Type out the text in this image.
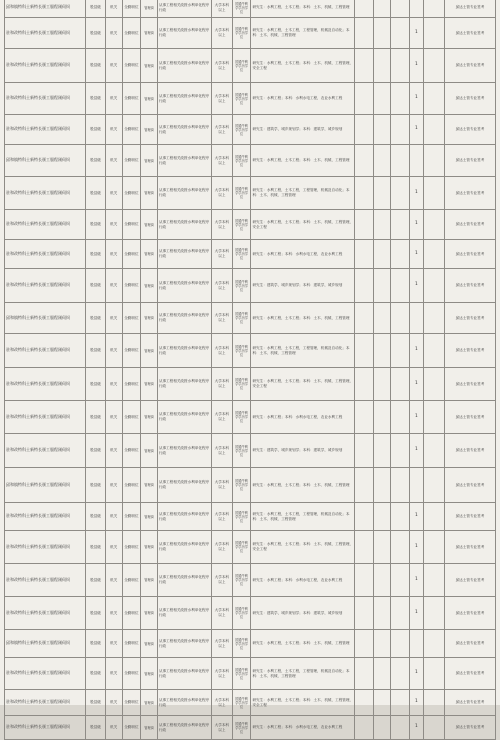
邱和镇特科土新特长颁工服程刚伺饲	股县级	机关	全勤职位	管理岗	从事工程相关改拨水利单化程序行政	大学本科以上	国通牛利学学历学位	研究生：水利工程，土木工程；本科：土木、机械、工程管理						邱达土管专业签考
驻和改特科土新特长颁工服程刚伺饲	股县级	机关	全勤职位	管理岗	从事工程相关改拨水利单化程序行政	大学本科以上	国通牛利学学历学位	研究生：水利工程，土木工程，工程管理，机械及自动化；本科：土木、机械、工程管理				1		邱达土管专业签考
驻和改特科土新特长颁工服程刚伺饲	股县级	机关	全勤职位	管理岗	从事工程相关改拨水利单化程序行政	大学本科以上	国通牛利学学历学位	研究生：水利工程，土木工程；本科：土木、机械、工程管理，安全工程				1		邱达土管专业签考
驻和改特科土新特长颁工服程刚伺饲	股县级	机关	全勤职位	管理岗	从事工程相关改拨水利单化程序行政	大学本科以上	国通牛利学学历学位	研究生：水利工程；本科：水利水电工程，农业水利工程				1		邱达土管专业签考
驻和改特科土新特长颁工服程刚伺饲	股县级	机关	全勤职位	管理岗	从事工程相关改拨水利单化程序行政	大学本科以上	国通牛利学学历学位	研究生：建筑学，城乡规划学；本科：建筑学，城乡规划				1		邱达土管专业签考
邱和镇特科土新特长颁工服程刚伺饲	股县级	机关	全勤职位	管理岗	从事工程相关改拨水利单化程序行政	大学本科以上	国通牛利学学历学位	研究生：水利工程，土木工程；本科：土木、机械、工程管理						邱达土管专业签考
驻和改特科土新特长颁工服程刚伺饲	股县级	机关	全勤职位	管理岗	从事工程相关改拨水利单化程序行政	大学本科以上	国通牛利学学历学位	研究生：水利工程，土木工程，工程管理，机械及自动化；本科：土木、机械、工程管理				1		邱达土管专业签考
驻和改特科土新特长颁工服程刚伺饲	股县级	机关	全勤职位	管理岗	从事工程相关改拨水利单化程序行政	大学本科以上	国通牛利学学历学位	研究生：水利工程，土木工程；本科：土木、机械、工程管理，安全工程				1		邱达土管专业签考
驻和改特科土新特长颁工服程刚伺饲	股县级	机关	全勤职位	管理岗	从事工程相关改拨水利单化程序行政	大学本科以上	国通牛利学学历学位	研究生：水利工程；本科：水利水电工程，农业水利工程				1		邱达土管专业签考
驻和改特科土新特长颁工服程刚伺饲	股县级	机关	全勤职位	管理岗	从事工程相关改拨水利单化程序行政	大学本科以上	国通牛利学学历学位	研究生：建筑学，城乡规划学；本科：建筑学，城乡规划				1		邱达土管专业签考
邱和镇特科土新特长颁工服程刚伺饲	股县级	机关	全勤职位	管理岗	从事工程相关改拨水利单化程序行政	大学本科以上	国通牛利学学历学位	研究生：水利工程，土木工程；本科：土木、机械、工程管理						邱达土管专业签考
驻和改特科土新特长颁工服程刚伺饲	股县级	机关	全勤职位	管理岗	从事工程相关改拨水利单化程序行政	大学本科以上	国通牛利学学历学位	研究生：水利工程，土木工程，工程管理，机械及自动化；本科：土木、机械、工程管理				1		邱达土管专业签考
驻和改特科土新特长颁工服程刚伺饲	股县级	机关	全勤职位	管理岗	从事工程相关改拨水利单化程序行政	大学本科以上	国通牛利学学历学位	研究生：水利工程，土木工程；本科：土木、机械、工程管理，安全工程				1		邱达土管专业签考
驻和改特科土新特长颁工服程刚伺饲	股县级	机关	全勤职位	管理岗	从事工程相关改拨水利单化程序行政	大学本科以上	国通牛利学学历学位	研究生：水利工程；本科：水利水电工程，农业水利工程				1		邱达土管专业签考
驻和改特科土新特长颁工服程刚伺饲	股县级	机关	全勤职位	管理岗	从事工程相关改拨水利单化程序行政	大学本科以上	国通牛利学学历学位	研究生：建筑学，城乡规划学；本科：建筑学，城乡规划				1		邱达土管专业签考
邱和镇特科土新特长颁工服程刚伺饲	股县级	机关	全勤职位	管理岗	从事工程相关改拨水利单化程序行政	大学本科以上	国通牛利学学历学位	研究生：水利工程，土木工程；本科：土木、机械、工程管理						邱达土管专业签考
驻和改特科土新特长颁工服程刚伺饲	股县级	机关	全勤职位	管理岗	从事工程相关改拨水利单化程序行政	大学本科以上	国通牛利学学历学位	研究生：水利工程，土木工程，工程管理，机械及自动化；本科：土木、机械、工程管理				1		邱达土管专业签考
驻和改特科土新特长颁工服程刚伺饲	股县级	机关	全勤职位	管理岗	从事工程相关改拨水利单化程序行政	大学本科以上	国通牛利学学历学位	研究生：水利工程，土木工程；本科：土木、机械、工程管理，安全工程				1		邱达土管专业签考
驻和改特科土新特长颁工服程刚伺饲	股县级	机关	全勤职位	管理岗	从事工程相关改拨水利单化程序行政	大学本科以上	国通牛利学学历学位	研究生：水利工程；本科：水利水电工程，农业水利工程				1		邱达土管专业签考
驻和改特科土新特长颁工服程刚伺饲	股县级	机关	全勤职位	管理岗	从事工程相关改拨水利单化程序行政	大学本科以上	国通牛利学学历学位	研究生：建筑学，城乡规划学；本科：建筑学，城乡规划				1		邱达土管专业签考
邱和镇特科土新特长颁工服程刚伺饲	股县级	机关	全勤职位	管理岗	从事工程相关改拨水利单化程序行政	大学本科以上	国通牛利学学历学位	研究生：水利工程，土木工程；本科：土木、机械、工程管理						邱达土管专业签考
驻和改特科土新特长颁工服程刚伺饲	股县级	机关	全勤职位	管理岗	从事工程相关改拨水利单化程序行政	大学本科以上	国通牛利学学历学位	研究生：水利工程，土木工程，工程管理，机械及自动化；本科：土木、机械、工程管理				1		邱达土管专业签考
驻和改特科土新特长颁工服程刚伺饲	股县级	机关	全勤职位	管理岗	从事工程相关改拨水利单化程序行政	大学本科以上	国通牛利学学历学位	研究生：水利工程，土木工程；本科：土木、机械、工程管理，安全工程				1		邱达土管专业签考
驻和改特科土新特长颁工服程刚伺饲	股县级	机关	全勤职位	管理岗	从事工程相关改拨水利单化程序行政	大学本科以上	国通牛利学学历学位	研究生：水利工程；本科：水利水电工程，农业水利工程				1		邱达土管专业签考
